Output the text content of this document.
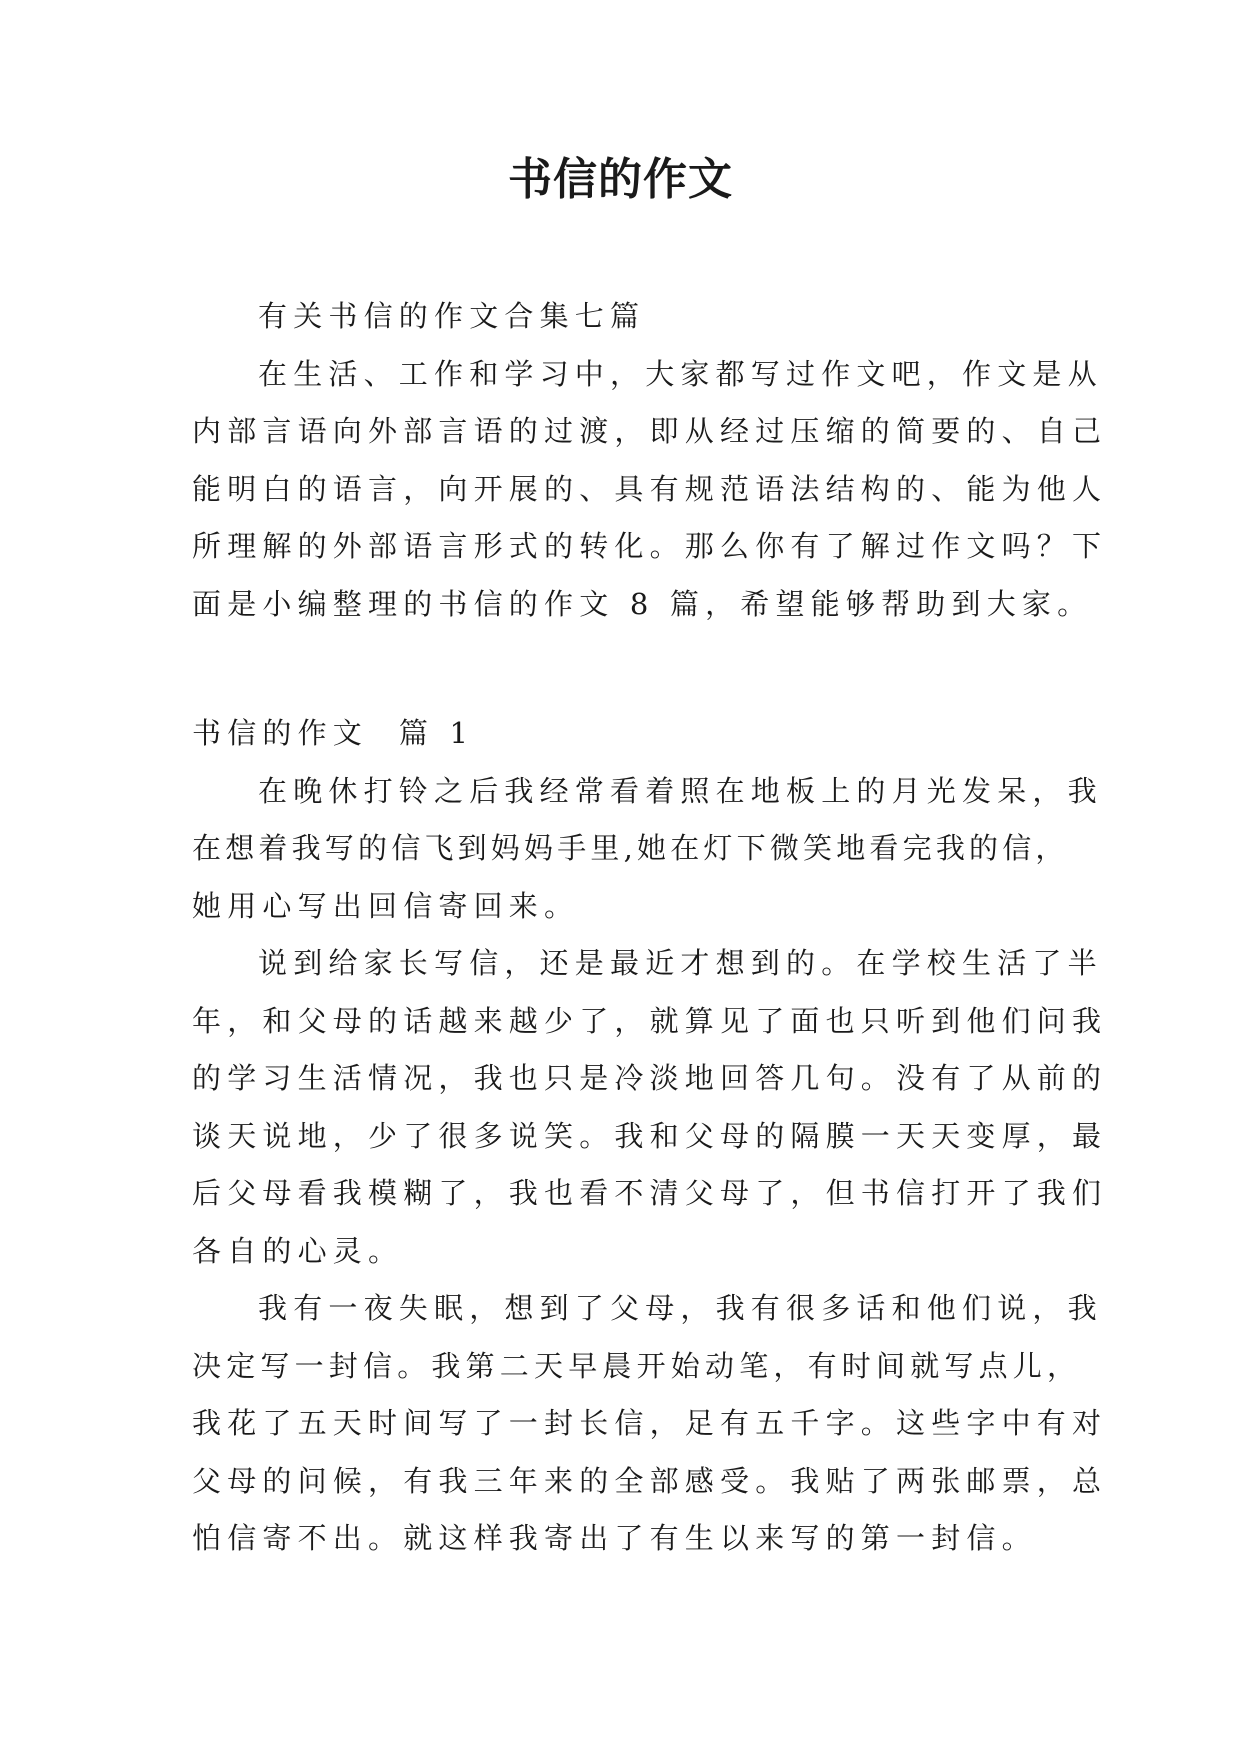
书信的作文

有关书信的作文合集七篇

在生活、工作和学习中，大家都写过作文吧，作文是从

内部言语向外部言语的过渡，即从经过压缩的简要的、自己

能明白的语言，向开展的、具有规范语法结构的、能为他人

所理解的外部语言形式的转化。那么你有了解过作文吗？下

面是小编整理的书信的作文 8 篇，希望能够帮助到大家。

书信的作文  篇 1

在晚休打铃之后我经常看着照在地板上的月光发呆，我

在想着我写的信飞到妈妈手里,她在灯下微笑地看完我的信，

她用心写出回信寄回来。

说到给家长写信，还是最近才想到的。在学校生活了半

年，和父母的话越来越少了，就算见了面也只听到他们问我

的学习生活情况，我也只是冷淡地回答几句。没有了从前的

谈天说地，少了很多说笑。我和父母的隔膜一天天变厚，最

后父母看我模糊了，我也看不清父母了，但书信打开了我们

各自的心灵。

我有一夜失眠，想到了父母，我有很多话和他们说，我

决定写一封信。我第二天早晨开始动笔，有时间就写点儿，

我花了五天时间写了一封长信，足有五千字。这些字中有对

父母的问候，有我三年来的全部感受。我贴了两张邮票，总

怕信寄不出。就这样我寄出了有生以来写的第一封信。
